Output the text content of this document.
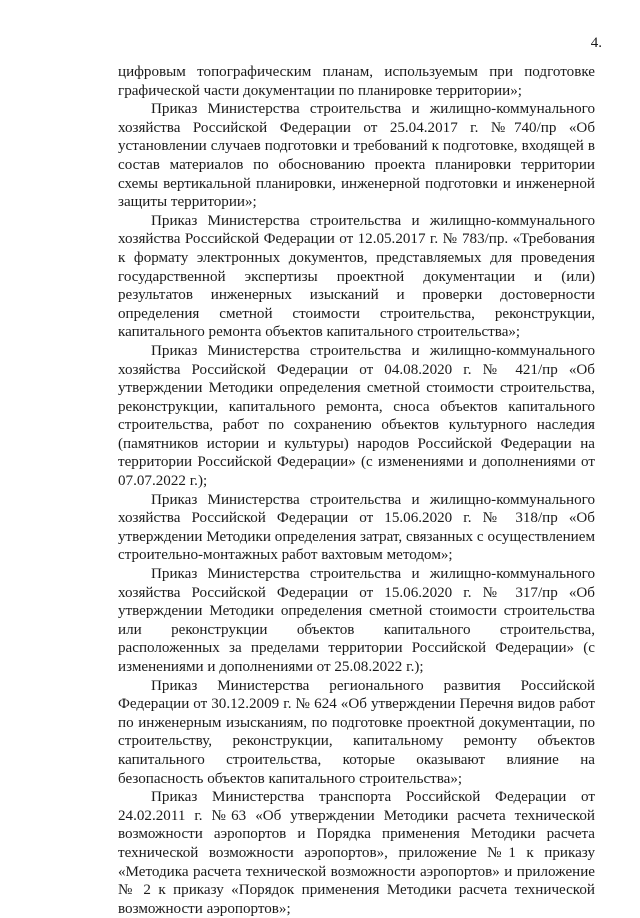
4.

цифровым топографическим планам, используемым при подготовке графической части документации по планировке территории»;

Приказ Министерства строительства и жилищно-коммунального хозяйства Российской Федерации от 25.04.2017 г. №740/пр «Об установлении случаев подготовки и требований к подготовке, входящей в состав материалов по обоснованию проекта планировки территории схемы вертикальной планировки, инженерной подготовки и инженерной защиты территории»;

Приказ Министерства строительства и жилищно-коммунального хозяйства Российской Федерации от 12.05.2017 г. № 783/пр. «Требования к формату электронных документов, представляемых для проведения государственной экспертизы проектной документации и (или) результатов инженерных изысканий и проверки достоверности определения сметной стоимости строительства, реконструкции, капитального ремонта объектов капитального строительства»;

Приказ Министерства строительства и жилищно-коммунального хозяйства Российской Федерации от 04.08.2020 г. № 421/пр «Об утверждении Методики определения сметной стоимости строительства, реконструкции, капитального ремонта, сноса объектов капитального строительства, работ по сохранению объектов культурного наследия (памятников истории и культуры) народов Российской Федерации на территории Российской Федерации» (с изменениями и дополнениями от 07.07.2022 г.);

Приказ Министерства строительства и жилищно-коммунального хозяйства Российской Федерации от 15.06.2020 г. № 318/пр «Об утверждении Методики определения затрат, связанных с осуществлением строительно-монтажных работ вахтовым методом»;

Приказ Министерства строительства и жилищно-коммунального хозяйства Российской Федерации от 15.06.2020 г. № 317/пр «Об утверждении Методики определения сметной стоимости строительства или реконструкции объектов капитального строительства, расположенных за пределами территории Российской Федерации» (с изменениями и дополнениями от 25.08.2022 г.);

Приказ Министерства регионального развития Российской Федерации от 30.12.2009 г. № 624 «Об утверждении Перечня видов работ по инженерным изысканиям, по подготовке проектной документации, по строительству, реконструкции, капитальному ремонту объектов капитального строительства, которые оказывают влияние на безопасность объектов капитального строительства»;

Приказ Министерства транспорта Российской Федерации от 24.02.2011 г. №63 «Об утверждении Методики расчета технической возможности аэропортов и Порядка применения Методики расчета технической возможности аэропортов», приложение №1 к приказу «Методика расчета технической возможности аэропортов» и приложение № 2 к приказу «Порядок применения Методики расчета технической возможности аэропортов»;
